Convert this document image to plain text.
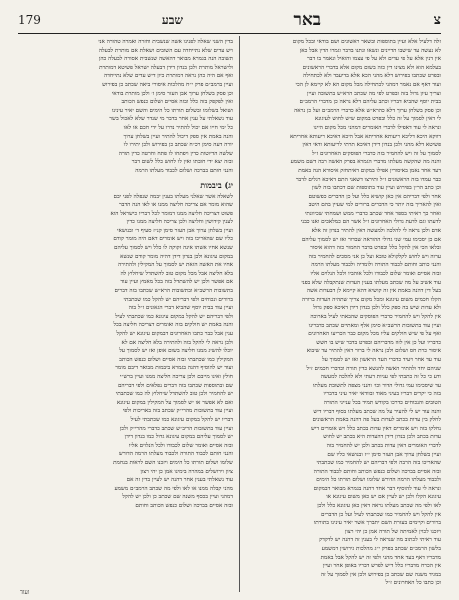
צ
באר
שבע
179
זלה דלעיל אלא ועיין בתוספות ובשאר ראשונים ושם בודאי ובכל מקום
לא נעשה עד שישבו הדיינים ונשאו ונתנו בדבר וגמרו הדין אבל כאן
אין דנין אלא על פי עדים ולא על פי עצמו והואיל ונאמר בו דבר
בעלמא הוא ולא מצינו דין כזה בשום מקום אלא בדברי הראשונים
ובפרט שכתבו בפירוש דלא מהני הכא אלא בדיעבד ולא לכתחילה
ועוד דאף אם נאמר דמהני לכתחילה מכל מקום הא לא קיימא לן הכי
וצריך עיון גדול בזה ובפרט לפי מה שכתב הרא״ש בתשובה ועיין
בבית יוסף שהביא דבריו וכתב עליהם דלא נראה כן מדברי הרמב״ם
וכן פסק בשלחן ערוך דלא כהרא״ש אלא כדברי הרמב״ם ועל כן נראה
לי דאין לסמוך על זה כלל ובפרט במקום שיש לחוש לעיגונא
ונראה לי עוד דאפילו לדברי האומרים דמהני מכל מקום היינו
דווקא היכא דליכא ריעותא אחריתא אבל היכא דאיכא ריעותא אחריתא
פשיטא דלא מהני ולכן בנדון דידן דאיכא תרתי לריעותא ודאי דאין
לסמוך על זה ויש להחמיר בזה כדברי הפוסקים האחרונים ז״ל
והנה מה שהקשה מעלתו מדברי הגמרא בפרק האשה רבה דשם משמע
דעד אחד נאמן באיסורין אפילו במקום דאיתחזק איסורא הנה באמת
כבר עמדו בזה הראשונים ז״ל ותירצו דשאני התם דאיכא רגלים לדבר
וכן כתב הר״ן בפירוש ועיין עוד בתוספות שם דכתבו בזה לשון
אחר ולפי דבריהם אין כאן קושיא כלל ועל כן הדברים כפשוטם
ואין להאריך בזה יותר כי הדברים ברורים למי שעיין בהם היטב
ואחר כך ראיתי בספר אחד שכתב כדברי ממש ושמחתי שכיוונתי
לדעתו וגם לדעת גדולי האחרונים ז״ל אשר הם כמלאכים ואנו כבני
אדם ולכן נראה לי להלכה ולמעשה דאין להתיר בנדון זה אלא
אם כן יסכימו עמי שני גדולי ההוראה שבדור ואז יש לסמוך עליהם
ובלאו הכי אין להקל כלל ובפרט בדבר החמור כזה דהוא איסור
ערוה ויש לחוש לקלקולא טובא ועל כן אני מסכים להחמיר בזה
והנני כותב וחותם לכבוד התורה ולומדיה ולכבוד מעלתו הרמה
ובזה אסיים ואומר שלום לכבודו ולכל אוהביו ולכל הנלוים אליו
עוד אשיב על מה שכתב מעלתו בענין העדות שנתקבלה שלא בפני
בעל דין דהנה באמת אין זה קושיא דהא קיימא לן דבעדות אשה
הקלו חכמים משום עיגונא ומכל מקום צריך שתהיה העדות ברורה
ולא עדות שיש בה ספק כלל ולכן בנדון דידן דאיכא ספק גדול
אין להקל ויש להחמיר כדברי הפוסקים שהבאתי לעיל בארוכה
ועיין עוד בתשובות הרשב״א סימן אלף ומאתיים שכתב כדברינו
ואף על פי שיש חולקים עליו מכל מקום כבר הכריעו האחרונים
כדבריו ועל כן אין לזוז מדבריהם ובפרט בדבר שיש בו חשש
איסור כרת חס ושלום ולכן נראה לי ברור דאין להתיר עד שיבוא
עוד עד אחר ויעיד כדברי העד הראשון ואז יש לסמוך על
שניהם יחד ולהתיר האשה להנשא כדין תורה וכדברי חכמים ז״ל
ודע כי כל זה כתבתי לפי עניות דעתי ולא להלכה למעשה
עד שיסכימו עמי גדולי הדור וכו׳ והנני מצפה לתשובת מעלתו
בזה כי יקרים דבריו בעיני מאוד ובוודאי יאיר עיני בדבריו
הטובים והנכוחים כדרכו בקודש תמיד בכל ענייני התורה
והנה עוד יש לי להעיר על מה שכתב מעלתו בסוף דבריו דיש
לחלק בין עדות בכתב לעדות בעל פה דהנה באמת הראשונים
נחלקו בזה ויש אומרים דאין עדות בכתב כלל ויש אומרים דיש
עדות בכתב ולכן בנדון דידן דהעדות היא בכתב יש לחוש
לדברי האומרים דאין עדות בכתב ולכן יש להחמיר בזה
ועיין בשלחן ערוך אבן העזר סימן י״ז ובנושאי כליו שם
שהאריכו בזה הרבה ולפי דבריהם יש להחמיר כמו שכתבתי
ובזה אסיים בברכה ושלום כנפש הכותב וחותם לכבוד התורה
ולכבוד מעלתו הרמה הדורש שלומו ושלום תורתו כל הימים
ונראה לי עוד להוסיף דבר אחד דהנה בגמרא מבואר דבמקום
עיגונא הקלו ולכן יש לעיין אם יש כאן משום עיגונא או
לאו ולפי מה שכתב מעלתו נראה דאין כאן עיגונא כלל ולכן
אין להקל ויש להחמיר כמו שכתבתי לעיל ועל כן הדברים
ברורים וקיימים בעזרת השם יתברך אשר יאיר עינינו בתורתו
ויזכנו לכוין לאמיתה של תורה אמן כן יהי רצון
עוד ראיתי לכתוב מה שנראה לי בענין זה דהנה יש לדקדק
בלשון הרמב״ם שכתב בפרק י״ג מהלכות גירושין דמשמע
מדבריו דאף בעד אחד מהני ולפי זה יש להקל אבל באמת
אין הכרח מדבריו כלל דיש לפרש דבריו באופן אחר ועיין
במגיד משנה שם שכתב כן בפירוש ולכן אין לסמוך על זה
וכן כתבו כל האחרונים ז״ל
בדין השני שאלה לפנינו אשה שנשבית וחזרה ואמרה טהורה אני
ויש עדים שלא נתייחדה עם השובים ושאלת אם מותרת לבעלה
תשובה הנה בגמרא מבואר דהאשה שנשבית אסורה לבעלה כהן
ולישראל מותרת ולכן בנדון דידן דבעלה ישראל פשיטא דמותרת
ואף אם היה כהן נראה דמותרת כיון דיש עדים שלא נתייחדה
ועיין ברמב״ם פרק י״ח מהלכות איסורי ביאה שכתב כן בפירוש
וכן פסק בשלחן ערוך אבן העזר סימן ז׳ ולכן מותרת בודאי
ואין לפקפק בזה כלל ובזה אסיים ושלום כנפש הכותב
ושואל בשלומו ובשלום תורתו כל הימים והשם יאיר עינינו
עוד נשאלתי על ענין אחר בדבר מי שנדר שלא לאכול בשר
כל ימי חייו אם יכול להתיר נדרו על ידי חכם או לאו
והנה באמת אין ספק דיכול להתיר ועיין בשלחן ערוך
יורה דעה סימן רכ״ח שכתב כן בפירוש ולכן יתירו לו
שלשה הדיוטות כדין ויפתחו לו פתח וחרטה כדין תורה
ובזה יצא ידי חובתו ואין לו לחוש כלל לשום דבר
והנני חותם בברכה ושלום לכבוד מעלתו הרמה
יג) ביבמות
לשאלה אשר שאלני מעלתו בענין יבמה שנפלה לפני יבם
שהוא מומר אם צריכה חליצה ממנו או לאו הנה הדבר
פשוט דצריכה חליצה ממנו דמומר לכל דבריו כישראל הוא
לענין קידושין וחליצה ולכן צריכה חליצה ממנו כדין
ועיין בשלחן ערוך אבן העזר סימן קנ״ז סעיף ד׳ ובנושאי
כליו שם שהאריכו בזה ויש אומרים דאם היה מומר קודם
שנשא אחיו אשתו אינה זקוקה לו כלל ויש לסמוך עליהם
במקום עיגונא ולכן בנדון דידן דהיה מומר קודם שנשא
אחיו את האשה הזאת יש לסמוך על המקילין ולהתירה
בלא חליצה אבל מכל מקום טוב להשתדל שיחלוץ לה
אם אפשר ולכן יש להשתדל בזה בכל מאמץ ועיין עוד
בתשובות הרשב״א ובתשובות הרא״ש שכתבו בזה דברים
ברורים ונכוחים ולפי דבריהם יש להקל כמו שכתבתי
ועיין עוד בבית יוסף שהביא דברי הגאונים ז״ל בזה
ולפי דבריהם יש להקל במקום עיגונא כמו שכתבתי לעיל
והנה באמת יש חולקים בזה ואומרים דצריכה חליצה בכל
ענין אבל כבר כתבו האחרונים דבמקום עיגונא יש להקל
ולכן נראה לי להקל בזה ולהתירה בלא חליצה אם לא
יוכלו להשיג ממנו חליצה בשום אופן ואז יש לסמוך על
המקילין כמו שכתבתי ובזה אסיים ושלום כנפש הכותב
ועוד יש להוסיף דהנה בגמרא ביבמות מבואר דיבם מומר
חולץ ואינו מייבם ולכן צריכה חליצה ממנו ועיין ברש״י
שם ובתוספות שכתבו בזה דברים נפלאים ולפי דבריהם
יש להחמיר ולכן טוב להשתדל שיחלוץ לה כמו שכתבתי
ואם לא אפשר אז יש לסמוך על המקילין במקום עיגונא
ועיין עוד בתשובות מהרי״ק שכתב בזה באריכות ולפי
דבריו יש להקל במקום עיגונא כמו שכתבתי לעיל
ועיין עוד בתשובות הריב״ש שכתב כדברי מהרי״ק ולכן
יש לסמוך עליהם במקום עיגונא גדול כמו בנדון דידן
ובזה אסיים ואומר שלום לכבודו ולכל הנלוים אליו
והנני חותם לכבוד התורה ולכבוד מעלתו הרמה הדורש
שלומו ושלום תורתו כל הימים ויזכנו השם לראות בנחמת
ציון וירושלים במהרה בימינו אמן כן יהי רצון
עוד נשאלתי בענין אחר דהנה יש לעיין בדין זה אם
מהני קבלה ממנו או לאו ולפי מה שכתב הרמב״ם משמע
דמהני ועיין בכסף משנה שם שכתב כן ולכן יש להקל
ובזה אסיים בברכה ושלום כנפש הכותב וחותם
ועוד
